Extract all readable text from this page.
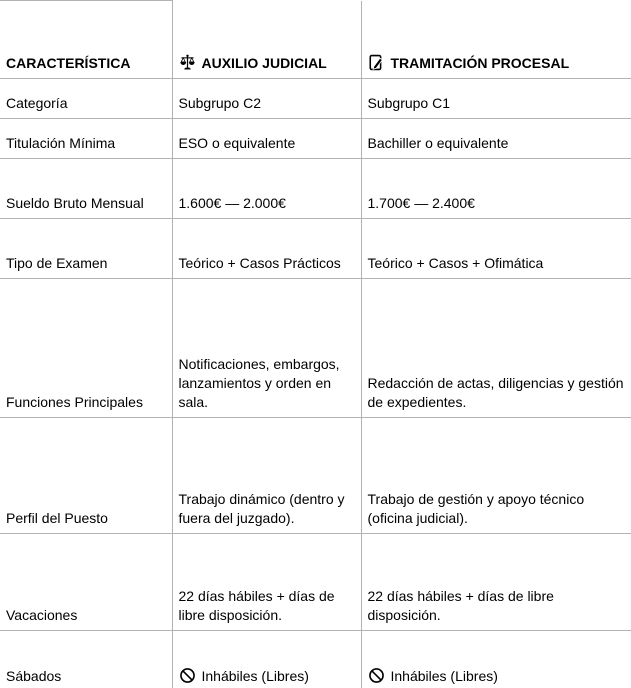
CARACTERÍSTICA	AUXILIO JUDICIAL	TRAMITACIÓN PROCESAL
Categoría	Subgrupo C2	Subgrupo C1
Titulación Mínima	ESO o equivalente	Bachiller o equivalente
Sueldo Bruto Mensual	1.600€ — 2.000€	1.700€ — 2.400€
Tipo de Examen	Teórico + Casos Prácticos	Teórico + Casos + Ofimática
Funciones Principales	Notificaciones, embargos, lanzamientos y orden en sala.	Redacción de actas, diligencias y gestión de expedientes.
Perfil del Puesto	Trabajo dinámico (dentro y fuera del juzgado).	Trabajo de gestión y apoyo técnico (oficina judicial).
Vacaciones	22 días hábiles + días de libre disposición.	22 días hábiles + días de libre disposición.
Sábados	Inhábiles (Libres)	Inhábiles (Libres)
